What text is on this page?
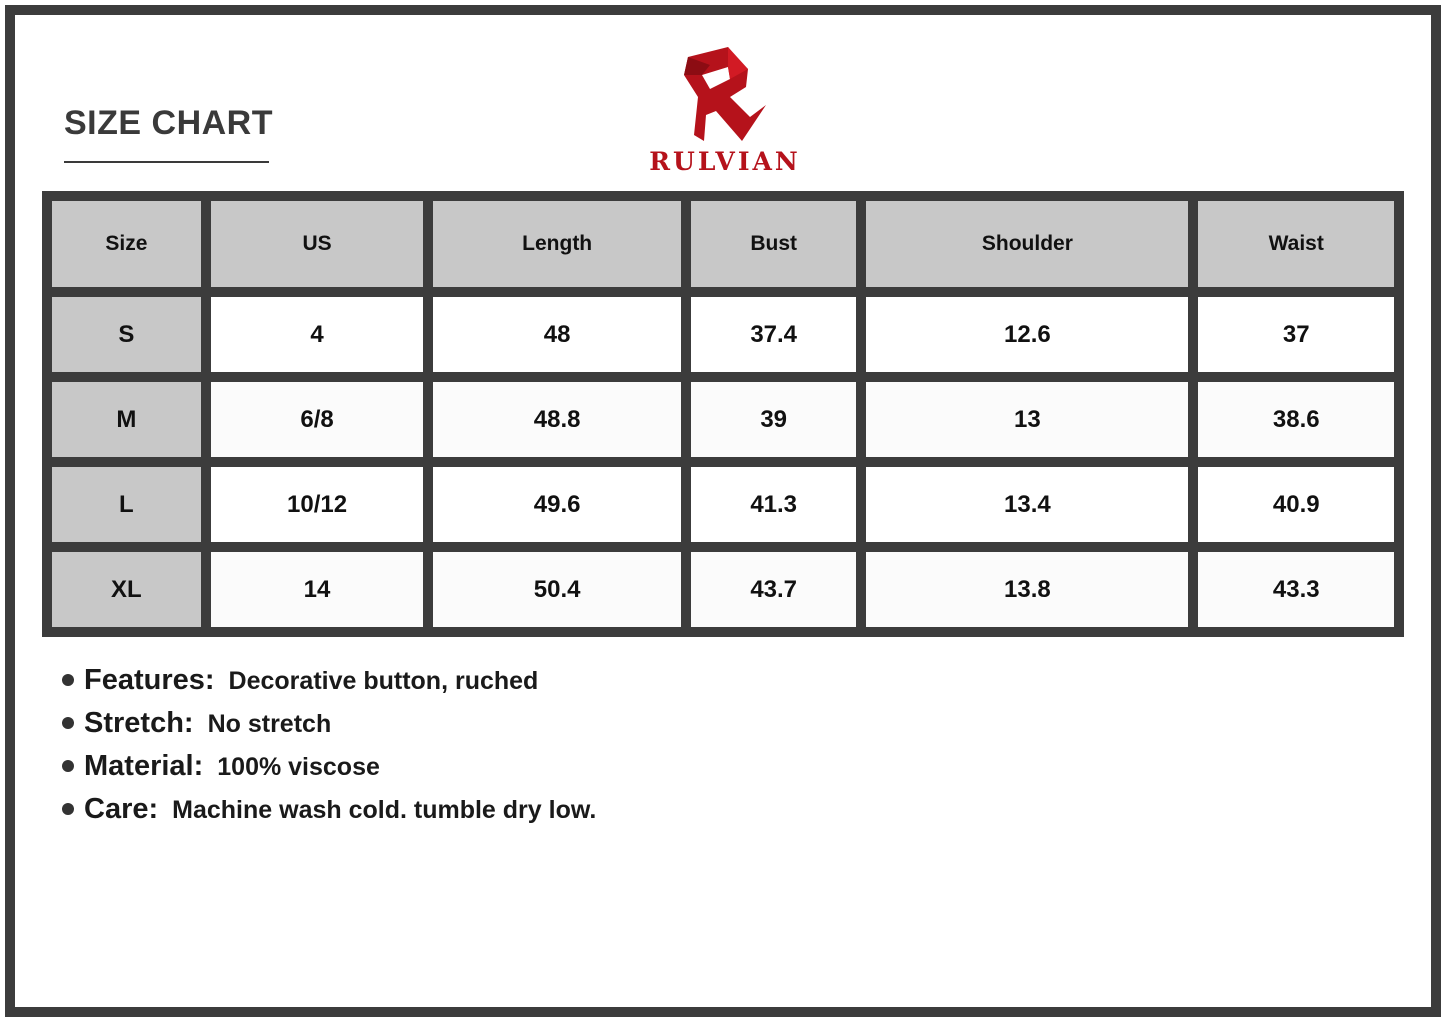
SIZE CHART
RULVIAN
Size	US	Length	Bust	Shoulder	Waist
S	4	48	37.4	12.6	37
M	6/8	48.8	39	13	38.6
L	10/12	49.6	41.3	13.4	40.9
XL	14	50.4	43.7	13.8	43.3
Features: Decorative button, ruched
Stretch: No stretch
Material: 100% viscose
Care: Machine wash cold. tumble dry low.
